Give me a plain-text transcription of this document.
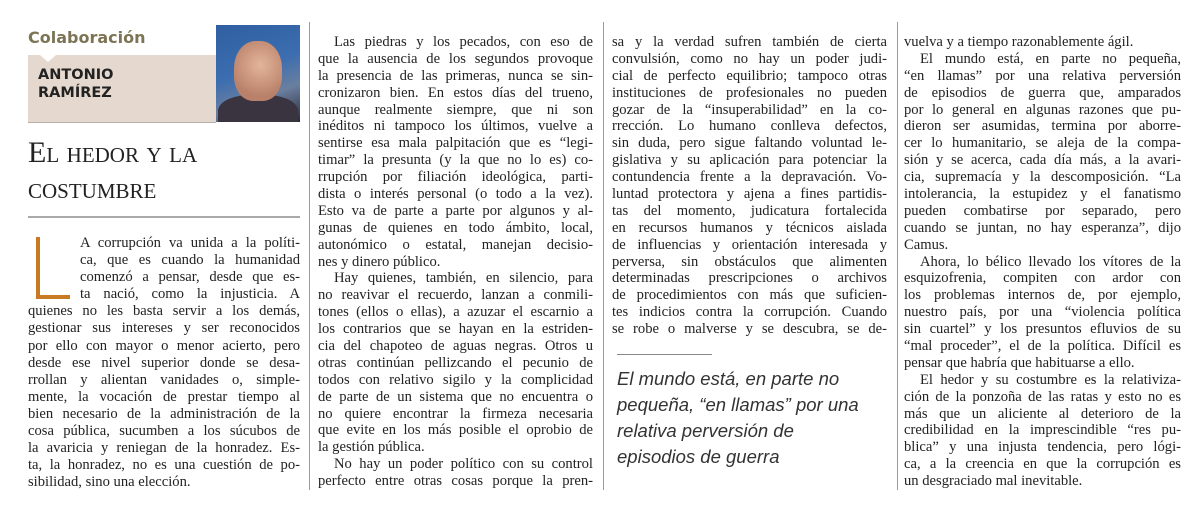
Colaboración
ANTONIO
RAMÍREZ
El hedor y la
costumbre
A corrupción va unida a la políti-
ca, que es cuando la humanidad
comenzó a pensar, desde que es-
ta nació, como la injusticia. A
quienes no les basta servir a los demás,
gestionar sus intereses y ser reconocidos
por ello con mayor o menor acierto, pero
desde ese nivel superior donde se desa-
rrollan y alientan vanidades o, simple-
mente, la vocación de prestar tiempo al
bien necesario de la administración de la
cosa pública, sucumben a los súcubos de
la avaricia y reniegan de la honradez. Es-
ta, la honradez, no es una cuestión de po-
sibilidad, sino una elección.
Las piedras y los pecados, con eso de
que la ausencia de los segundos provoque
la presencia de las primeras, nunca se sin-
cronizaron bien. En estos días del trueno,
aunque realmente siempre, que ni son
inéditos ni tampoco los últimos, vuelve a
sentirse esa mala palpitación que es “legi-
timar” la presunta (y la que no lo es) co-
rrupción por filiación ideológica, parti-
dista o interés personal (o todo a la vez).
Esto va de parte a parte por algunos y al-
gunas de quienes en todo ámbito, local,
autonómico o estatal, manejan decisio-
nes y dinero público.
Hay quienes, también, en silencio, para
no reavivar el recuerdo, lanzan a conmili-
tones (ellos o ellas), a azuzar el escarnio a
los contrarios que se hayan en la estriden-
cia del chapoteo de aguas negras. Otros u
otras continúan pellizcando el pecunio de
todos con relativo sigilo y la complicidad
de parte de un sistema que no encuentra o
no quiere encontrar la firmeza necesaria
que evite en los más posible el oprobio de
la gestión pública.
No hay un poder político con su control
perfecto entre otras cosas porque la pren-
sa y la verdad sufren también de cierta
convulsión, como no hay un poder judi-
cial de perfecto equilibrio; tampoco otras
instituciones de profesionales no pueden
gozar de la “insuperabilidad” en la co-
rrección. Lo humano conlleva defectos,
sin duda, pero sigue faltando voluntad le-
gislativa y su aplicación para potenciar la
contundencia frente a la depravación. Vo-
luntad protectora y ajena a fines partidis-
tas del momento, judicatura fortalecida
en recursos humanos y técnicos aislada
de influencias y orientación interesada y
perversa, sin obstáculos que alimenten
determinadas prescripciones o archivos
de procedimientos con más que suficien-
tes indicios contra la corrupción. Cuando
se robe o malverse y se descubra, se de-
vuelva y a tiempo razonablemente ágil.
El mundo está, en parte no pequeña,
“en llamas” por una relativa perversión
de episodios de guerra que, amparados
por lo general en algunas razones que pu-
dieron ser asumidas, termina por aborre-
cer lo humanitario, se aleja de la compa-
sión y se acerca, cada día más, a la avari-
cia, supremacía y la descomposición. “La
intolerancia, la estupidez y el fanatismo
pueden combatirse por separado, pero
cuando se juntan, no hay esperanza”, dijo
Camus.
Ahora, lo bélico llevado los vítores de la
esquizofrenia, compiten con ardor con
los problemas internos de, por ejemplo,
nuestro país, por una “violencia política
sin cuartel” y los presuntos efluvios de su
“mal proceder”, el de la política. Difícil es
pensar que habría que habituarse a ello.
El hedor y su costumbre es la relativiza-
ción de la ponzoña de las ratas y esto no es
más que un aliciente al deterioro de la
credibilidad en la imprescindible “res pu-
blica” y una injusta tendencia, pero lógi-
ca, a la creencia en que la corrupción es
un desgraciado mal inevitable.
El mundo está, en parte no
pequeña, “en llamas” por una
relativa perversión de
episodios de guerra
